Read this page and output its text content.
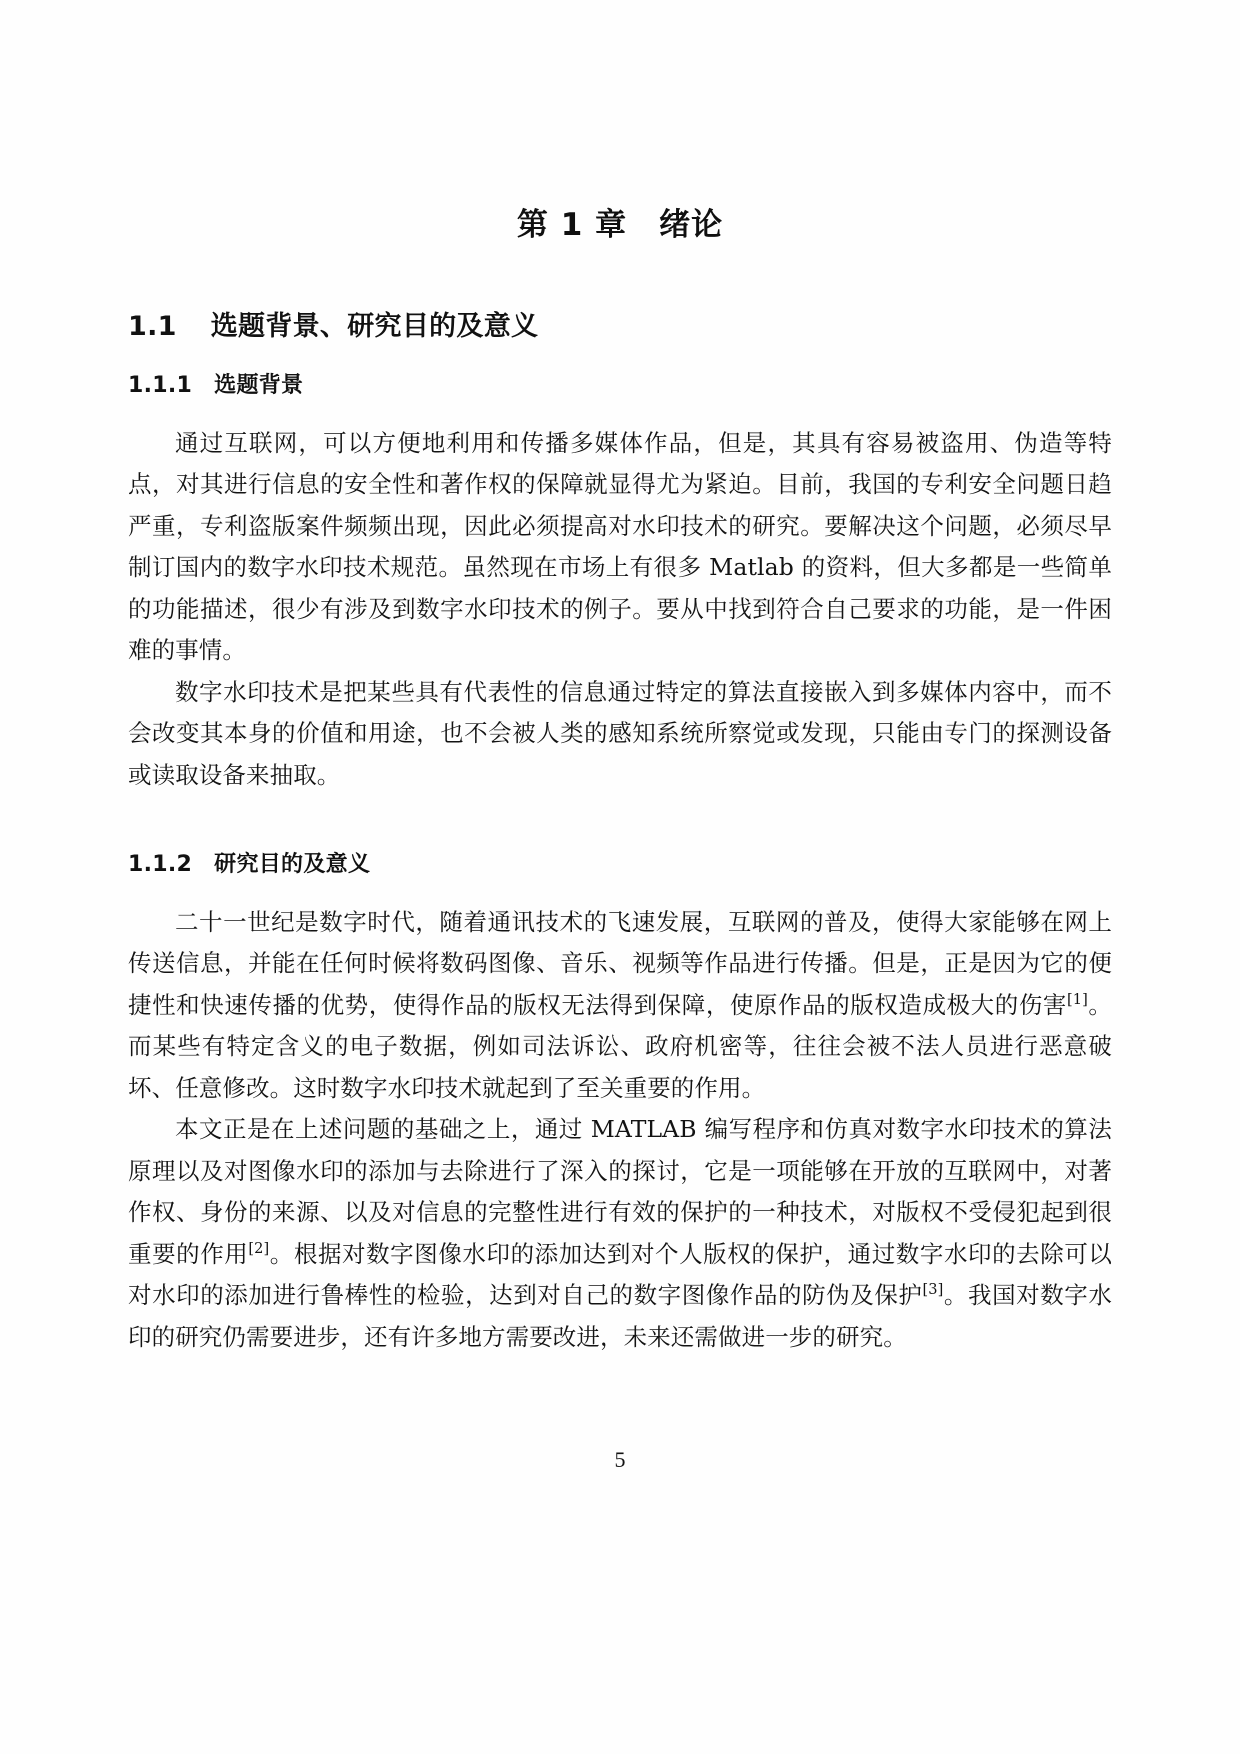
第 1 章　绪论
1.1 选题背景、研究目的及意义
1.1.1 选题背景

通过互联网，可以方便地利用和传播多媒体作品，但是，其具有容易被盗用、伪造等特点，对其进行信息的安全性和著作权的保障就显得尤为紧迫。目前，我国的专利安全问题日趋严重，专利盗版案件频频出现，因此必须提高对水印技术的研究。要解决这个问题，必须尽早制订国内的数字水印技术规范。虽然现在市场上有很多 Matlab 的资料，但大多都是一些简单的功能描述，很少有涉及到数字水印技术的例子。要从中找到符合自己要求的功能，是一件困难的事情。

数字水印技术是把某些具有代表性的信息通过特定的算法直接嵌入到多媒体内容中，而不会改变其本身的价值和用途，也不会被人类的感知系统所察觉或发现，只能由专门的探测设备或读取设备来抽取。

1.1.2 研究目的及意义

二十一世纪是数字时代，随着通讯技术的飞速发展，互联网的普及，使得大家能够在网上传送信息，并能在任何时候将数码图像、音乐、视频等作品进行传播。但是，正是因为它的便捷性和快速传播的优势，使得作品的版权无法得到保障，使原作品的版权造成极大的伤害[1]。而某些有特定含义的电子数据，例如司法诉讼、政府机密等，往往会被不法人员进行恶意破坏、任意修改。这时数字水印技术就起到了至关重要的作用。

本文正是在上述问题的基础之上，通过 MATLAB 编写程序和仿真对数字水印技术的算法原理以及对图像水印的添加与去除进行了深入的探讨，它是一项能够在开放的互联网中，对著作权、身份的来源、以及对信息的完整性进行有效的保护的一种技术，对版权不受侵犯起到很重要的作用[2]。根据对数字图像水印的添加达到对个人版权的保护，通过数字水印的去除可以对水印的添加进行鲁棒性的检验，达到对自己的数字图像作品的防伪及保护[3]。我国对数字水印的研究仍需要进步，还有许多地方需要改进，未来还需做进一步的研究。

5
